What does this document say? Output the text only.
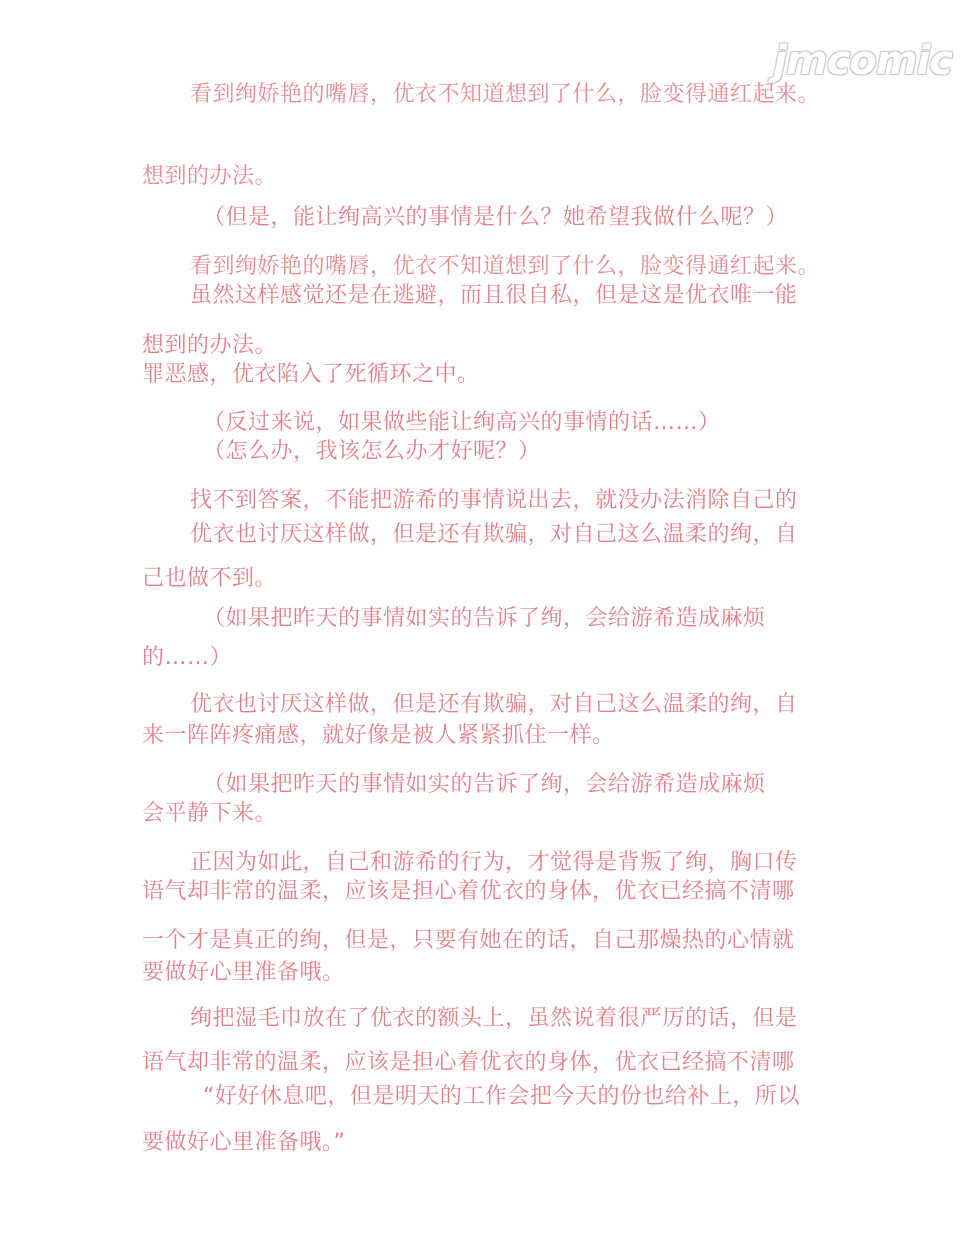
看到绚娇艳的嘴唇，优衣不知道想到了什么，脸变得通红起来。
想到的办法。
（但是，能让绚高兴的事情是什么？她希望我做什么呢？）
看到绚娇艳的嘴唇，优衣不知道想到了什么，脸变得通红起来。
虽然这样感觉还是在逃避，而且很自私，但是这是优衣唯一能
想到的办法。
罪恶感，优衣陷入了死循环之中。
（反过来说，如果做些能让绚高兴的事情的话……）
（怎么办，我该怎么办才好呢？）
找不到答案，不能把游希的事情说出去，就没办法消除自己的
优衣也讨厌这样做，但是还有欺骗，对自己这么温柔的绚，自
己也做不到。
（如果把昨天的事情如实的告诉了绚，会给游希造成麻烦
的……）
优衣也讨厌这样做，但是还有欺骗，对自己这么温柔的绚，自
来一阵阵疼痛感，就好像是被人紧紧抓住一样。
（如果把昨天的事情如实的告诉了绚，会给游希造成麻烦
会平静下来。
正因为如此，自己和游希的行为，才觉得是背叛了绚，胸口传
语气却非常的温柔，应该是担心着优衣的身体，优衣已经搞不清哪
一个才是真正的绚，但是，只要有她在的话，自己那燥热的心情就
要做好心里准备哦。
绚把湿毛巾放在了优衣的额头上，虽然说着很严厉的话，但是
语气却非常的温柔，应该是担心着优衣的身体，优衣已经搞不清哪
“好好休息吧，但是明天的工作会把今天的份也给补上，所以
要做好心里准备哦。”
jmcomic
